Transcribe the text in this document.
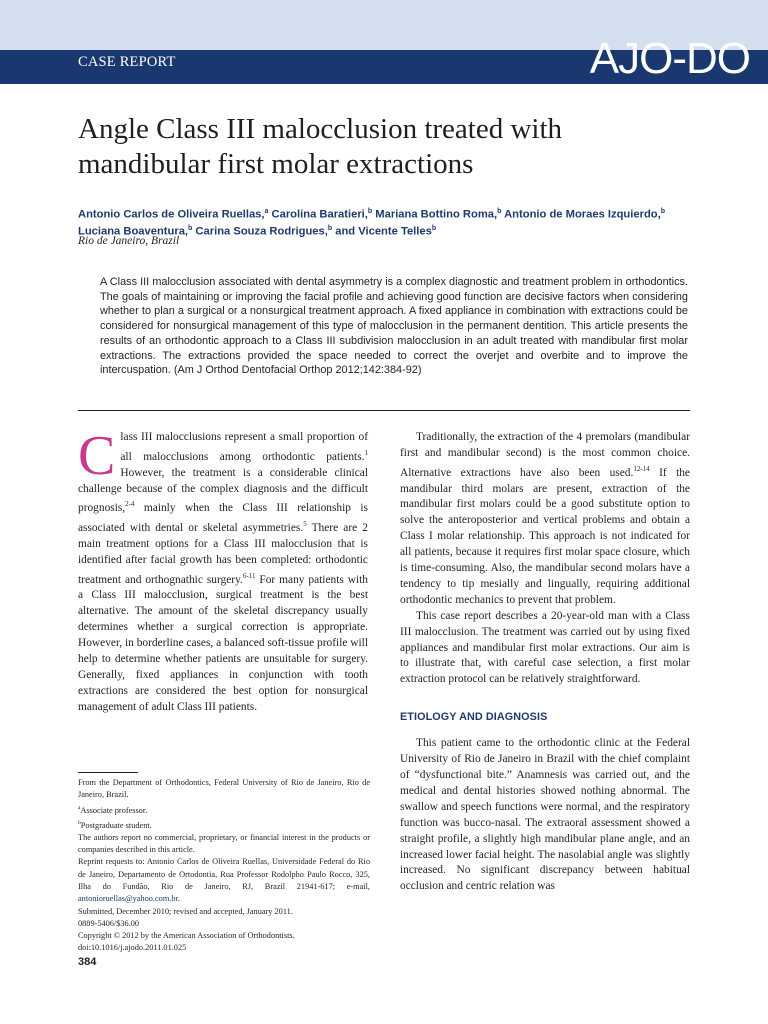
CASE REPORT	AJO-DO
Angle Class III malocclusion treated with mandibular first molar extractions
Antonio Carlos de Oliveira Ruellas,$^a$ Carolina Baratieri,$^b$ Mariana Bottino Roma,$^b$ Antonio de Moraes Izquierdo,$^b$
Luciana Boaventura,$^b$ Carina Souza Rodrigues,$^b$ and Vicente Telles$^b$
Rio de Janeiro, Brazil
A Class III malocclusion associated with dental asymmetry is a complex diagnostic and treatment problem in orthodontics. The goals of maintaining or improving the facial profile and achieving good function are decisive factors when considering whether to plan a surgical or a nonsurgical treatment approach. A fixed appliance in combination with extractions could be considered for nonsurgical management of this type of malocclusion in the permanent dentition. This article presents the results of an orthodontic approach to a Class III subdivision malocclusion in an adult treated with mandibular first molar extractions. The extractions provided the space needed to correct the overjet and overbite and to improve the intercuspation. (Am J Orthod Dentofacial Orthop 2012;142:384-92)

Class III malocclusions represent a small proportion of all malocclusions among orthodontic patients.$^1$ However, the treatment is a considerable clinical challenge because of the complex diagnosis and the difficult prognosis,$^{2-4}$ mainly when the Class III relationship is associated with dental or skeletal asymmetries.$^5$ There are 2 main treatment options for a Class III malocclusion that is identified after facial growth has been completed: orthodontic treatment and orthognathic surgery.$^{6-11}$ For many patients with a Class III malocclusion, surgical treatment is the best alternative. The amount of the skeletal discrepancy usually determines whether a surgical correction is appropriate. However, in borderline cases, a balanced soft-tissue profile will help to determine whether patients are unsuitable for surgery. Generally, fixed appliances in conjunction with tooth extractions are considered the best option for nonsurgical management of adult Class III patients.

Traditionally, the extraction of the 4 premolars (mandibular first and mandibular second) is the most common choice. Alternative extractions have also been used.$^{12-14}$ If the mandibular third molars are present, extraction of the mandibular first molars could be a good substitute option to solve the anteroposterior and vertical problems and obtain a Class I molar relationship. This approach is not indicated for all patients, because it requires first molar space closure, which is time-consuming. Also, the mandibular second molars have a tendency to tip mesially and lingually, requiring additional orthodontic mechanics to prevent that problem.

This case report describes a 20-year-old man with a Class III malocclusion. The treatment was carried out by using fixed appliances and mandibular first molar extractions. Our aim is to illustrate that, with careful case selection, a first molar extraction protocol can be relatively straightforward.

ETIOLOGY AND DIAGNOSIS

This patient came to the orthodontic clinic at the Federal University of Rio de Janeiro in Brazil with the chief complaint of “dysfunctional bite.” Anamnesis was carried out, and the medical and dental histories showed nothing abnormal. The swallow and speech functions were normal, and the respiratory function was bucco-nasal. The extraoral assessment showed a straight profile, a slightly high mandibular plane angle, and an increased lower facial height. The nasolabial angle was slightly increased. No significant discrepancy between habitual occlusion and centric relation was

From the Department of Orthodontics, Federal University of Rio de Janeiro, Rio de Janeiro, Brazil.

$^a$Associate professor.

$^b$Postgraduate student.

The authors report no commercial, proprietary, or financial interest in the products or companies described in this article.

Reprint requests to: Antonio Carlos de Oliveira Ruellas, Universidade Federal do Rio de Janeiro, Departamento de Ortodontia, Rua Professor Rodolpho Paulo Rocco, 325, Ilha do Fundão, Rio de Janeiro, RJ, Brazil 21941-617; e-mail, antonioruellas@yahoo.com.br.

Submitted, December 2010; revised and accepted, January 2011.

0889-5406/$36.00

Copyright © 2012 by the American Association of Orthodontists.

doi:10.1016/j.ajodo.2011.01.025

384
